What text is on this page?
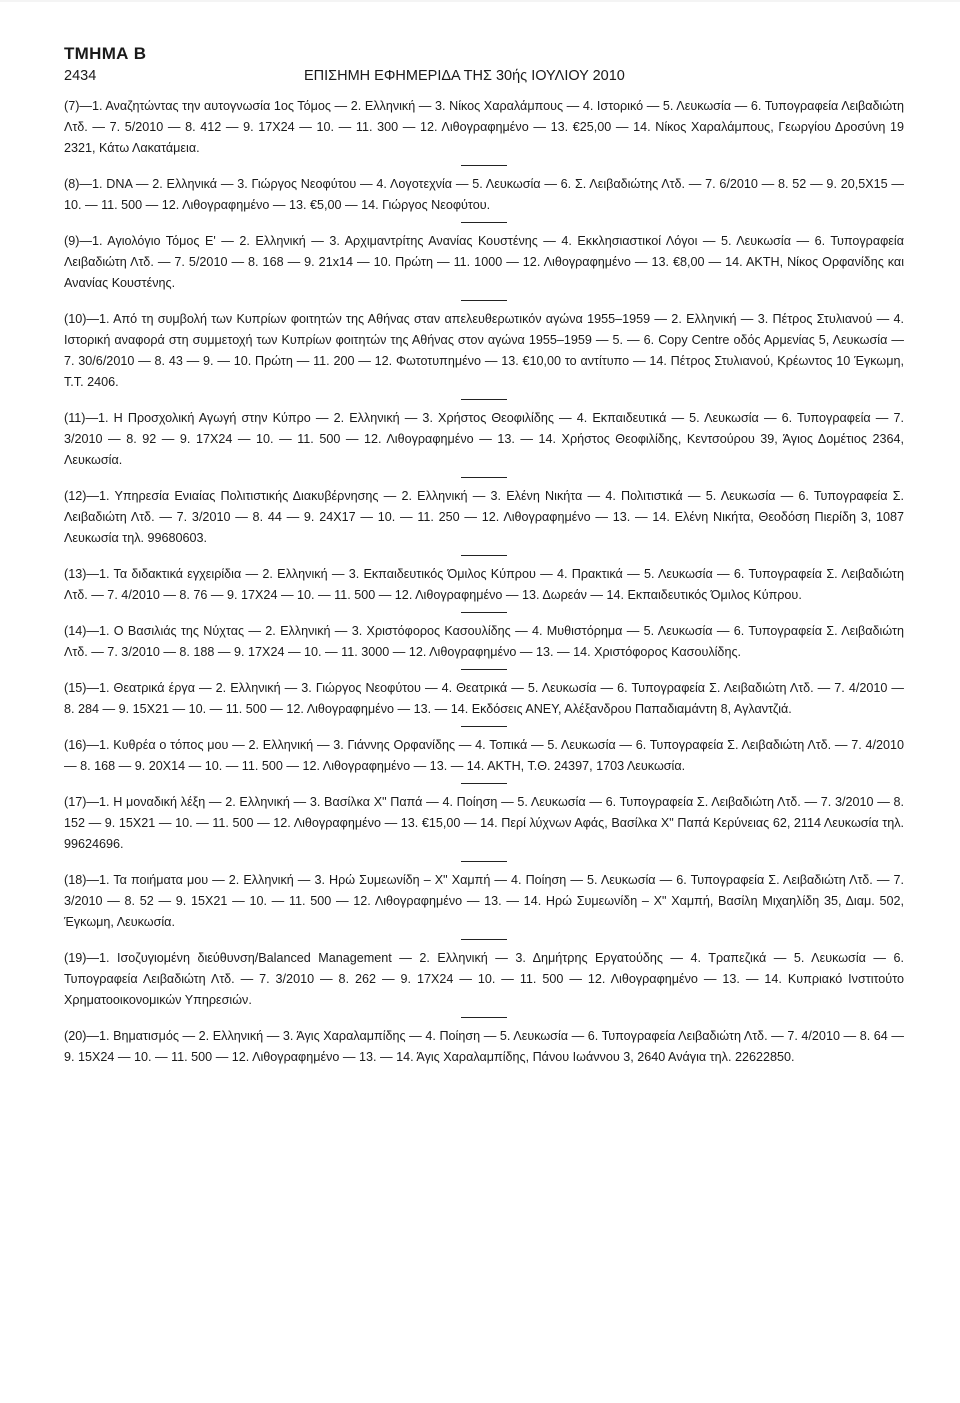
ΤΜΗΜΑ Β
2434	ΕΠΙΣΗΜΗ ΕΦΗΜΕΡΙΔΑ ΤΗΣ 30ής ΙΟΥΛΙΟΥ 2010

(7)—1. Αναζητώντας την αυτογνωσία 1ος Τόμος — 2. Ελληνική — 3. Νίκος Χαραλάμπους — 4. Ιστορικό — 5. Λευκωσία — 6. Τυπογραφεία Λειβαδιώτη Λτδ. — 7. 5/2010 — 8. 412 — 9. 17Χ24 — 10. — 11. 300 — 12. Λιθογραφημένο — 13. €25,00 — 14. Νίκος Χαραλάμπους, Γεωργίου Δροσύνη 19 2321, Κάτω Λακατάμεια.

(8)—1. DNA — 2. Ελληνικά — 3. Γιώργος Νεοφύτου — 4. Λογοτεχνία — 5. Λευκωσία — 6. Σ. Λειβαδιώτης Λτδ. — 7. 6/2010 — 8. 52 — 9. 20,5Χ15 — 10. — 11. 500 — 12. Λιθογραφημένο — 13. €5,00 — 14. Γιώργος Νεοφύτου.

(9)—1. Αγιολόγιο Τόμος Ε' — 2. Ελληνική — 3. Αρχιμαντρίτης Ανανίας Κουστένης — 4. Εκκλησιαστικοί Λόγοι — 5. Λευκωσία — 6. Τυπογραφεία Λειβαδιώτη Λτδ. — 7. 5/2010 — 8. 168 — 9. 21x14 — 10. Πρώτη — 11. 1000 — 12. Λιθογραφημένο — 13. €8,00 — 14. ΑΚΤΗ, Νίκος Ορφανίδης και Ανανίας Κουστένης.

(10)—1. Από τη συμβολή των Κυπρίων φοιτητών της Αθήνας σταν απελευθερωτικόν αγώνα 1955–1959 — 2. Ελληνική — 3. Πέτρος Στυλιανού — 4. Ιστορική αναφορά στη συμμετοχή των Κυπρίων φοιτητών της Αθήνας στον αγώνα 1955–1959 — 5. — 6. Copy Centre οδός Αρμενίας 5, Λευκωσία — 7. 30/6/2010 — 8. 43 — 9. — 10. Πρώτη — 11. 200 — 12. Φωτοτυπημένο — 13. €10,00 το αντίτυπο — 14. Πέτρος Στυλιανού, Κρέωντος 10 Έγκωμη, Τ.Τ. 2406.

(11)—1. Η Προσχολική Αγωγή στην Κύπρο — 2. Ελληνική — 3. Χρήστος Θεοφιλίδης — 4. Εκπαιδευτικά — 5. Λευκωσία — 6. Τυπογραφεία — 7. 3/2010 — 8. 92 — 9. 17Χ24 — 10. — 11. 500 — 12. Λιθογραφημένο — 13. — 14. Χρήστος Θεοφιλίδης, Κεντσούρου 39, Άγιος Δομέτιος 2364, Λευκωσία.

(12)—1. Υπηρεσία Ενιαίας Πολιτιστικής Διακυβέρνησης — 2. Ελληνική — 3. Ελένη Νικήτα — 4. Πολιτιστικά — 5. Λευκωσία — 6. Τυπογραφεία Σ. Λειβαδιώτη Λτδ. — 7. 3/2010 — 8. 44 — 9. 24Χ17 — 10. — 11. 250 — 12. Λιθογραφημένο — 13. — 14. Ελένη Νικήτα, Θεοδόση Πιερίδη 3, 1087 Λευκωσία τηλ. 99680603.

(13)—1. Τα διδακτικά εγχειρίδια — 2. Ελληνική — 3. Εκπαιδευτικός Όμιλος Κύπρου — 4. Πρακτικά — 5. Λευκωσία — 6. Τυπογραφεία Σ. Λειβαδιώτη Λτδ. — 7. 4/2010 — 8. 76 — 9. 17Χ24 — 10. — 11. 500 — 12. Λιθογραφημένο — 13. Δωρεάν — 14. Εκπαιδευτικός Όμιλος Κύπρου.

(14)—1. Ο Βασιλιάς της Νύχτας — 2. Ελληνική — 3. Χριστόφορος Κασουλίδης — 4. Μυθιστόρημα — 5. Λευκωσία — 6. Τυπογραφεία Σ. Λειβαδιώτη Λτδ. — 7. 3/2010 — 8. 188 — 9. 17Χ24 — 10. — 11. 3000 — 12. Λιθογραφημένο — 13. — 14. Χριστόφορος Κασουλίδης.

(15)—1. Θεατρικά έργα — 2. Ελληνική — 3. Γιώργος Νεοφύτου — 4. Θεατρικά — 5. Λευκωσία — 6. Τυπογραφεία Σ. Λειβαδιώτη Λτδ. — 7. 4/2010 — 8. 284 — 9. 15Χ21 — 10. — 11. 500 — 12. Λιθογραφημένο — 13. — 14. Εκδόσεις ΑΝΕΥ, Αλέξανδρου Παπαδιαμάντη 8, Αγλαντζιά.

(16)—1. Κυθρέα ο τόπος μου — 2. Ελληνική — 3. Γιάννης Ορφανίδης — 4. Τοπικά — 5. Λευκωσία — 6. Τυπογραφεία Σ. Λειβαδιώτη Λτδ. — 7. 4/2010 — 8. 168 — 9. 20Χ14 — 10. — 11. 500 — 12. Λιθογραφημένο — 13. — 14. ΑΚΤΗ, Τ.Θ. 24397, 1703 Λευκωσία.

(17)—1. Η μοναδική λέξη — 2. Ελληνική — 3. Βασίλκα Χ" Παπά — 4. Ποίηση — 5. Λευκωσία — 6. Τυπογραφεία Σ. Λειβαδιώτη Λτδ. — 7. 3/2010 — 8. 152 — 9. 15Χ21 — 10. — 11. 500 — 12. Λιθογραφημένο — 13. €15,00 — 14. Περί λύχνων Αφάς, Βασίλκα Χ" Παπά Κερύνειας 62, 2114 Λευκωσία τηλ. 99624696.

(18)—1. Τα ποιήματα μου — 2. Ελληνική — 3. Ηρώ Συμεωνίδη – Χ" Χαμπή — 4. Ποίηση — 5. Λευκωσία — 6. Τυπογραφεία Σ. Λειβαδιώτη Λτδ. — 7. 3/2010 — 8. 52 — 9. 15Χ21 — 10. — 11. 500 — 12. Λιθογραφημένο — 13. — 14. Ηρώ Συμεωνίδη – Χ" Χαμπή, Βασίλη Μιχαηλίδη 35, Διαμ. 502, Έγκωμη, Λευκωσία.

(19)—1. Ισοζυγιομένη διεύθυνση/Balanced Management — 2. Ελληνική — 3. Δημήτρης Εργατούδης — 4. Τραπεζικά — 5. Λευκωσία — 6. Τυπογραφεία Λειβαδιώτη Λτδ. — 7. 3/2010 — 8. 262 — 9. 17Χ24 — 10. — 11. 500 — 12. Λιθογραφημένο — 13. — 14. Κυπριακό Ινστιτούτο Χρηματοοικονομικών Υπηρεσιών.

(20)—1. Βηματισμός — 2. Ελληνική — 3. Άγις Χαραλαμπίδης — 4. Ποίηση — 5. Λευκωσία — 6. Τυπογραφεία Λειβαδιώτη Λτδ. — 7. 4/2010 — 8. 64 — 9. 15Χ24 — 10. — 11. 500 — 12. Λιθογραφημένο — 13. — 14. Άγις Χαραλαμπίδης, Πάνου Ιωάννου 3, 2640 Ανάγια τηλ. 22622850.
